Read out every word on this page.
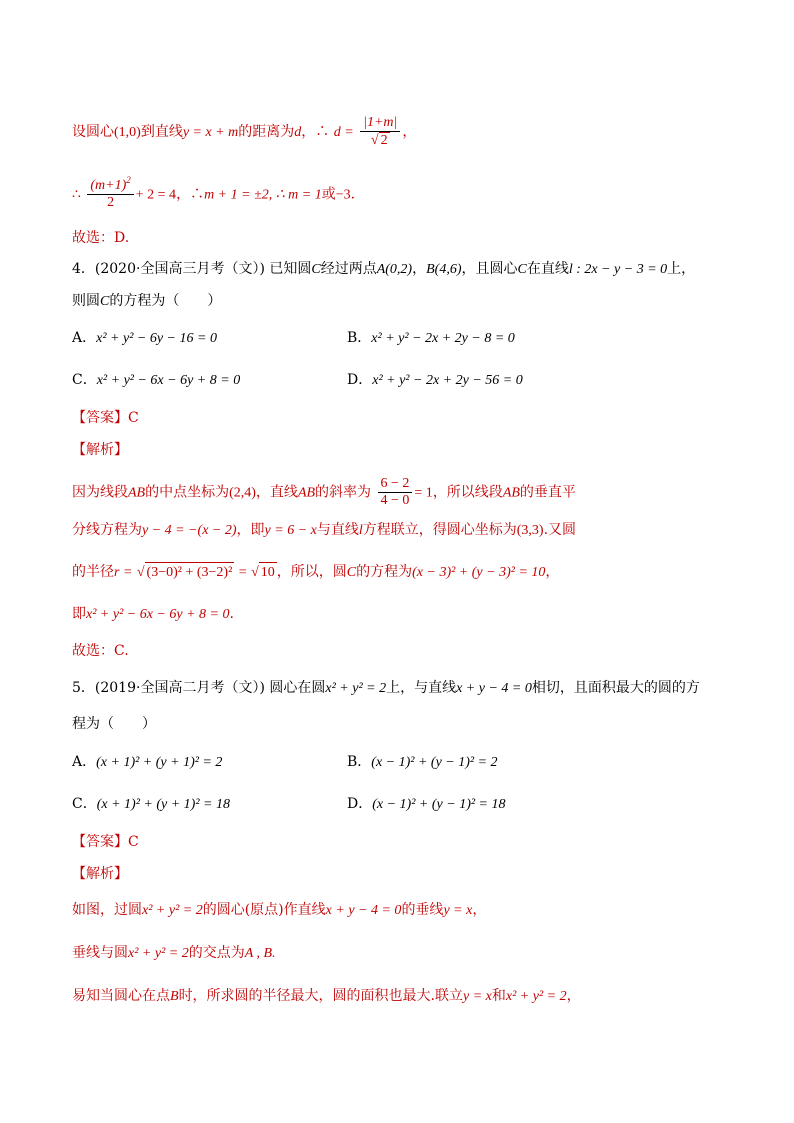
设圆心(1,0)到直线y = x + m的距离为d，∴ $d = \frac{|1+m|}{√ 2}$ ，
∴ $\frac{(m+1)^2}{2} + 2 = 4$，∴m + 1 = ±2, ∴ m = 1或−3.
故选：D.
4．(2020·全国高三月考（文）) 已知圆C经过两点A(0,2)，B(4,6)，且圆心C在直线l : 2x − y − 3 = 0上，
则圆C的方程为（　　）
A．x² + y² − 6y − 16 = 0	B．x² + y² − 2x + 2y − 8 = 0
C．x² + y² − 6x − 6y + 8 = 0	D．x² + y² − 2x + 2y − 56 = 0
【答案】C
【解析】
因为线段AB的中点坐标为(2,4)，直线AB的斜率为 $\frac{6 - 2}{4 - 0} = 1$，所以线段AB的垂直平
分线方程为y − 4 = −(x − 2)，即y = 6 − x与直线l方程联立，得圆心坐标为(3,3).又圆
的半径r = √ (3−0)² + (3−2)² = √ 10 ，所以，圆C的方程为(x − 3)² + (y − 3)² = 10，
即x² + y² − 6x − 6y + 8 = 0.
故选：C.
5．(2019·全国高二月考（文）) 圆心在圆x² + y² = 2上，与直线x + y − 4 = 0相切，且面积最大的圆的方
程为（　　）
A．(x + 1)² + (y + 1)² = 2	B．(x − 1)² + (y − 1)² = 2
C．(x + 1)² + (y + 1)² = 18	D．(x − 1)² + (y − 1)² = 18
【答案】C
【解析】
如图，过圆x² + y² = 2的圆心(原点)作直线x + y − 4 = 0的垂线y = x，
垂线与圆x² + y² = 2的交点为A , B.
易知当圆心在点B时，所求圆的半径最大，圆的面积也最大.联立y = x和x² + y² = 2，
